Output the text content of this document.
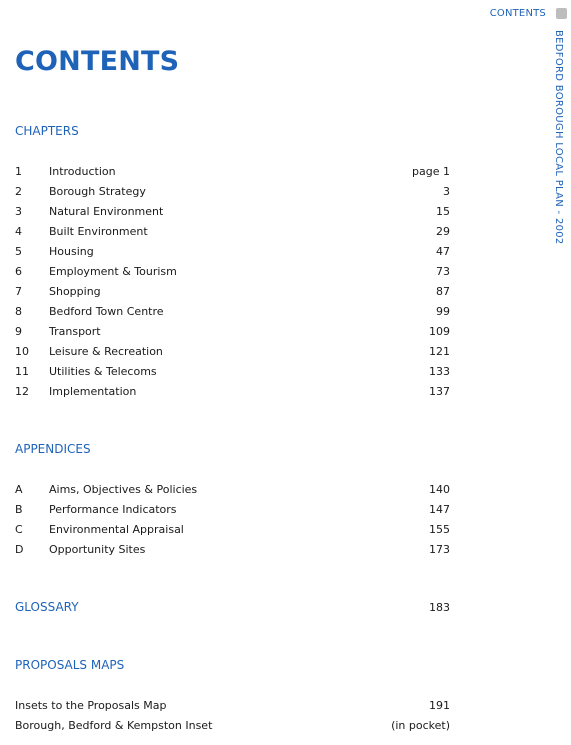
CONTENTS
BEDFORD BOROUGH LOCAL PLAN - 2002
CONTENTS
CHAPTERS
1	Introduction	page 1
2	Borough Strategy	3
3	Natural Environment	15
4	Built Environment	29
5	Housing	47
6	Employment & Tourism	73
7	Shopping	87
8	Bedford Town Centre	99
9	Transport	109
10	Leisure & Recreation	121
11	Utilities & Telecoms	133
12	Implementation	137
APPENDICES
A	Aims, Objectives & Policies	140
B	Performance Indicators	147
C	Environmental Appraisal	155
D	Opportunity Sites	173
GLOSSARY	183
PROPOSALS MAPS
Insets to the Proposals Map	191
Borough, Bedford & Kempston Inset	(in pocket)
